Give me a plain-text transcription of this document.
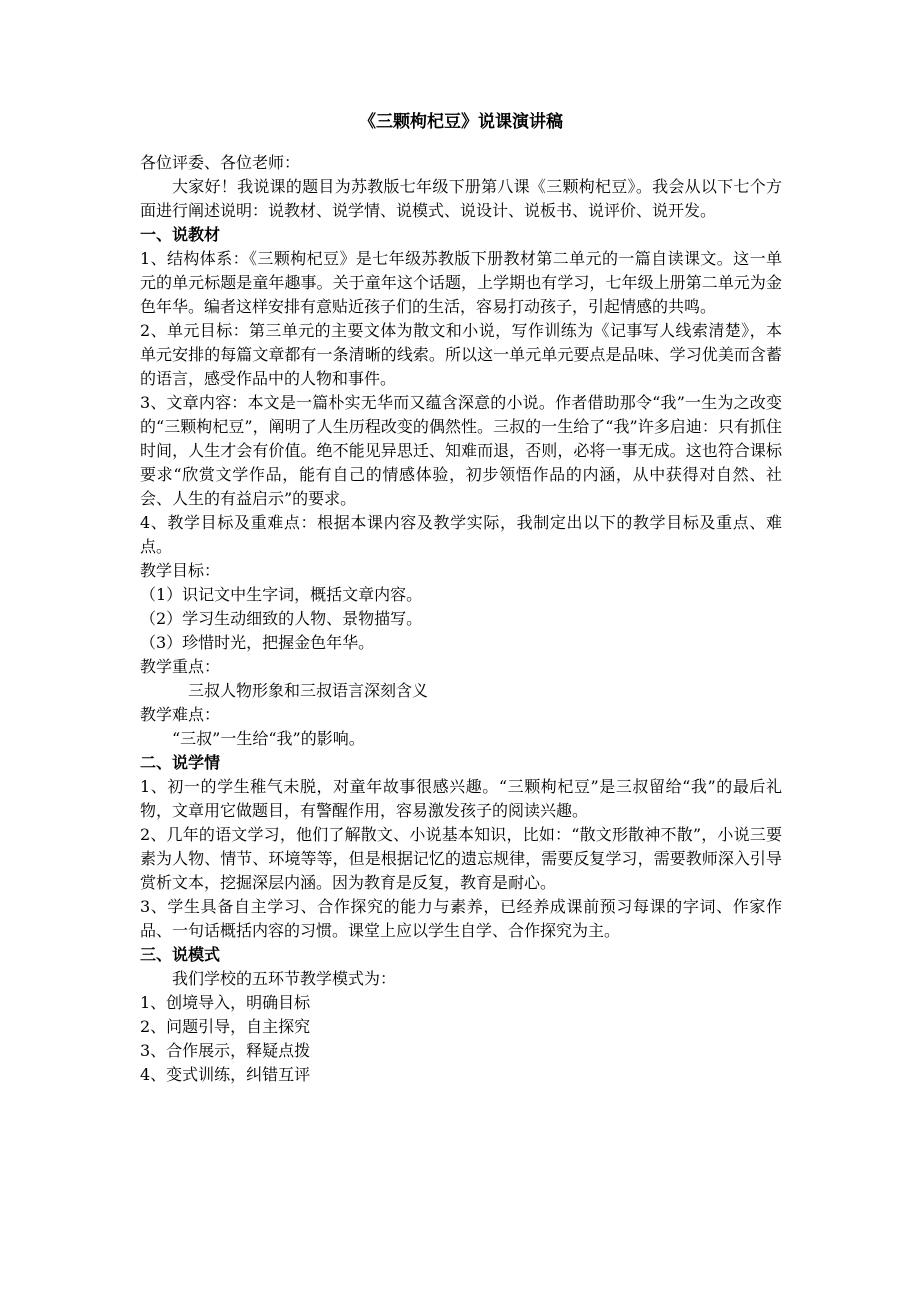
《三颗枸杞豆》说课演讲稿

各位评委、各位老师：

大家好！我说课的题目为苏教版七年级下册第八课《三颗枸杞豆》。我会从以下七个方面进行阐述说明：说教材、说学情、说模式、说设计、说板书、说评价、说开发。

一、说教材

1、结构体系：《三颗枸杞豆》是七年级苏教版下册教材第二单元的一篇自读课文。这一单元的单元标题是童年趣事。关于童年这个话题，上学期也有学习，七年级上册第二单元为金色年华。编者这样安排有意贴近孩子们的生活，容易打动孩子，引起情感的共鸣。

2、单元目标：第三单元的主要文体为散文和小说，写作训练为《记事写人线索清楚》，本单元安排的每篇文章都有一条清晰的线索。所以这一单元单元要点是品味、学习优美而含蓄的语言，感受作品中的人物和事件。

3、文章内容：本文是一篇朴实无华而又蕴含深意的小说。作者借助那令“我”一生为之改变的“三颗枸杞豆”，阐明了人生历程改变的偶然性。三叔的一生给了“我”许多启迪：只有抓住时间，人生才会有价值。绝不能见异思迁、知难而退，否则，必将一事无成。这也符合课标要求“欣赏文学作品，能有自己的情感体验，初步领悟作品的内涵，从中获得对自然、社会、人生的有益启示”的要求。

4、教学目标及重难点：根据本课内容及教学实际，我制定出以下的教学目标及重点、难点。

教学目标：

（1）识记文中生字词，概括文章内容。

（2）学习生动细致的人物、景物描写。

（3）珍惜时光，把握金色年华。

教学重点：

三叔人物形象和三叔语言深刻含义

教学难点：

“三叔”一生给“我”的影响。

二、说学情

1、初一的学生稚气未脱，对童年故事很感兴趣。“三颗枸杞豆”是三叔留给“我”的最后礼物，文章用它做题目，有警醒作用，容易激发孩子的阅读兴趣。

2、几年的语文学习，他们了解散文、小说基本知识，比如：“散文形散神不散”，小说三要素为人物、情节、环境等等，但是根据记忆的遗忘规律，需要反复学习，需要教师深入引导赏析文本，挖掘深层内涵。因为教育是反复，教育是耐心。

3、学生具备自主学习、合作探究的能力与素养，已经养成课前预习每课的字词、作家作品、一句话概括内容的习惯。课堂上应以学生自学、合作探究为主。

三、说模式

我们学校的五环节教学模式为：

1、创境导入，明确目标

2、问题引导，自主探究

3、合作展示，释疑点拨

4、变式训练，纠错互评
